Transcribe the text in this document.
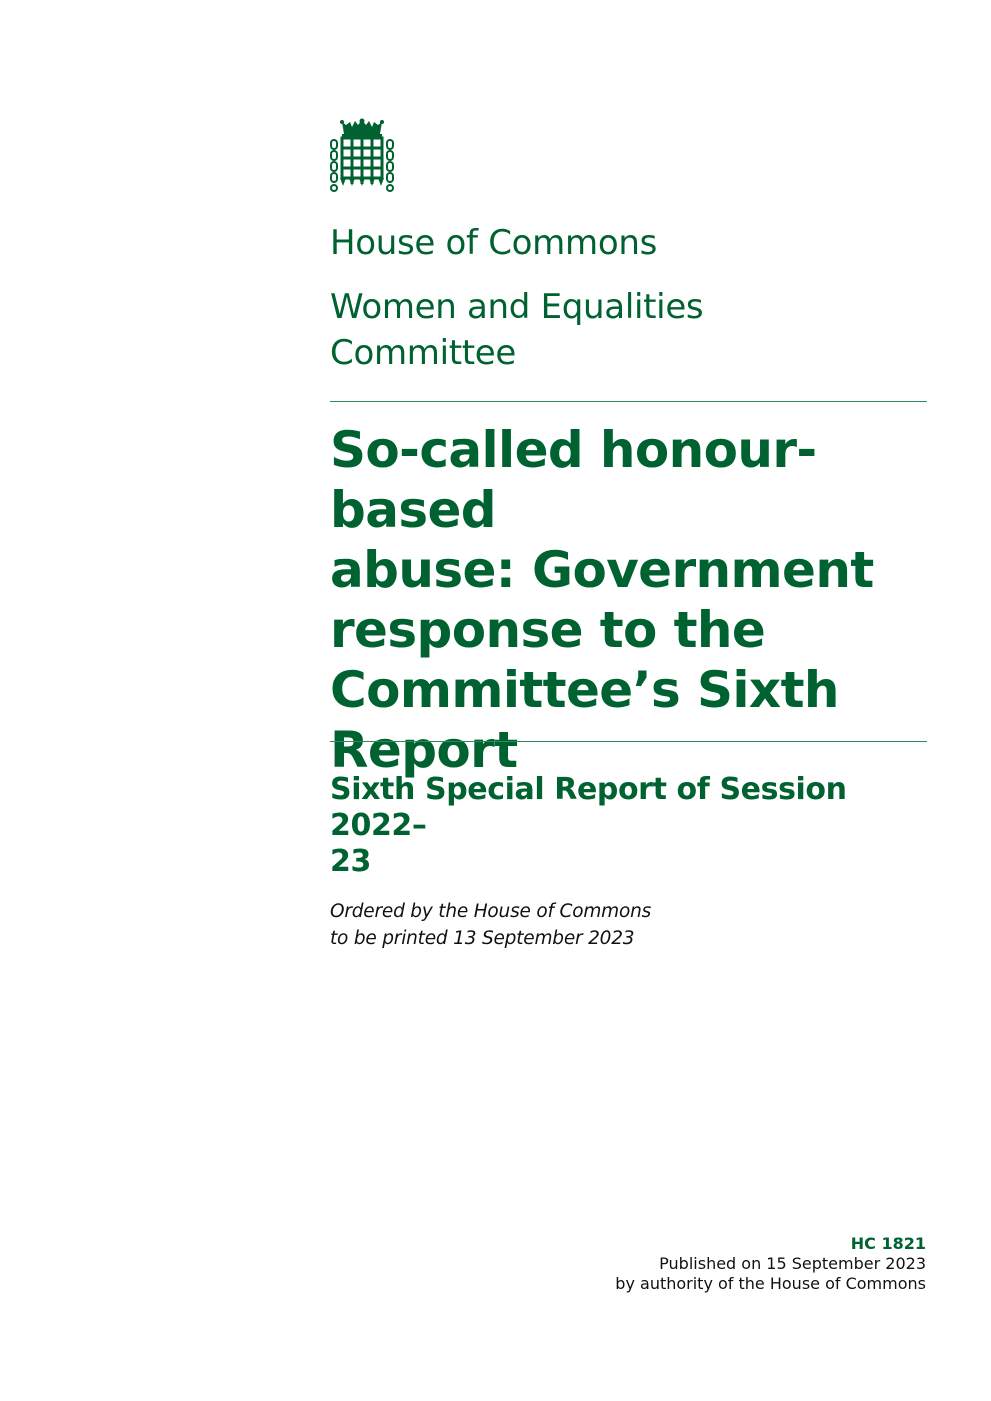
House of Commons
Women and Equalities
Committee
So-called honour-based
abuse: Government
response to the
Committee’s Sixth
Report
Sixth Special Report of Session 2022–
23
Ordered by the House of Commons
to be printed 13 September 2023
HC 1821
Published on 15 September 2023
by authority of the House of Commons
